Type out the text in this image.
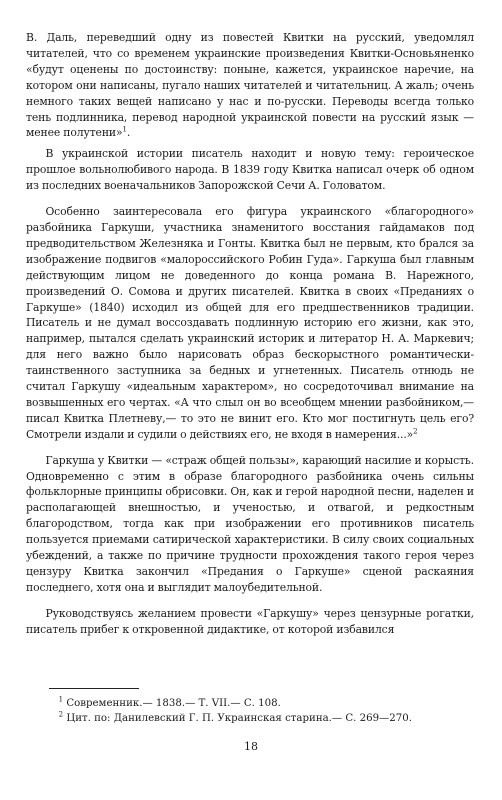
В. Даль, переведший одну из повестей Квитки на русский, уведомлял читателей, что со временем украинские произведения Квитки-Основьяненко «будут оценены по достоинству: поныне, кажется, украинское наречие, на котором они написаны, пугало наших читателей и читательниц. А жаль; очень немного таких вещей написано у нас и по-русски. Переводы всегда только тень подлинника, перевод народной украинской повести на русский язык — менее полутени»$^1$.

В украинской истории писатель находит и новую тему: героическое прошлое вольнолюбивого народа. В 1839 году Квитка написал очерк об одном из последних военачальников Запорожской Сечи А. Головатом.

Особенно заинтересовала его фигура украинского «благородного» разбойника Гаркуши, участника знаменитого восстания гайдамаков под предводительством Железняка и Гонты. Квитка был не первым, кто брался за изображение подвигов «малороссийского Робин Гуда». Гаркуша был главным действующим лицом не доведенного до конца романа В. Нарежного, произведений О. Сомова и других писателей. Квитка в своих «Преданиях о Гаркуше» (1840) исходил из общей для его предшественников традиции. Писатель и не думал воссоздавать подлинную историю его жизни, как это, например, пытался сделать украинский историк и литератор Н. А. Маркевич; для него важно было нарисовать образ бескорыстного романтически-таинственного заступника за бедных и угнетенных. Писатель отнюдь не считал Гаркушу «идеальным характером», но сосредоточивал внимание на возвышенных его чертах. «А что слыл он во всеобщем мнении разбойником,— писал Квитка Плетневу,— то это не винит его. Кто мог постигнуть цель его? Смотрели издали и судили о действиях его, не входя в намерения...»$^2$

Гаркуша у Квитки — «страж общей пользы», карающий насилие и корысть. Одновременно с этим в образе благородного разбойника очень сильны фольклорные принципы обрисовки. Он, как и герой народной песни, наделен и располагающей внешностью, и ученостью, и отвагой, и редкостным благородством, тогда как при изображении его противников писатель пользуется приемами сатирической характеристики. В силу своих социальных убеждений, а также по причине трудности прохождения такого героя через цензуру Квитка закончил «Предания о Гаркуше» сценой раскаяния последнего, хотя она и выглядит малоубедительной.

Руководствуясь желанием провести «Гаркушу» через цензурные рогатки, писатель прибег к откровенной дидактике, от которой избавился

$^1$ Современник.— 1838.— Т. VII.— С. 108.

$^2$ Цит. по: Данилевский Г. П. Украинская старина.— С. 269—270.

18
